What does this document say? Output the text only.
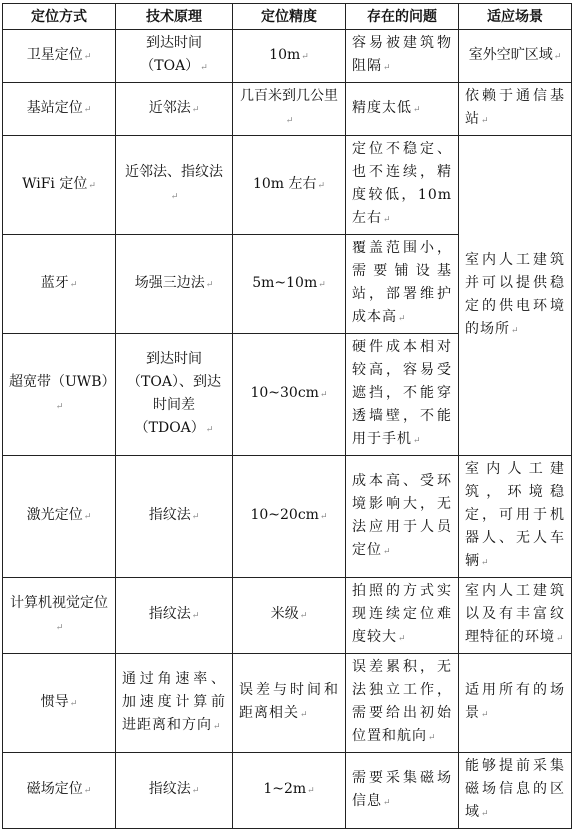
定位方式	技术原理	定位精度	存在的问题	适应场景
卫星定位↵	到达时间（TOA）↵	10m↵	容易被建筑物阻隔↵	室外空旷区域↵
基站定位↵	近邻法↵	几百米到几公里↵	精度太低↵	依赖于通信基站↵
WiFi 定位↵	近邻法、指纹法↵	10m 左右↵	定位不稳定、也不连续，精度较低，10m 左右↵	室内人工建筑并可以提供稳定的供电环境的场所↵
蓝牙↵	场强三边法↵	5m~10m↵	覆盖范围小，需要铺设基站，部署维护成本高↵	
超宽带（UWB）↵	到达时间（TOA）、到达时间差（TDOA）↵	10~30cm↵	硬件成本相对较高，容易受遮挡，不能穿透墙壁，不能用于手机↵	
激光定位↵	指纹法↵	10~20cm↵	成本高、受环境影响大，无法应用于人员定位↵	室内人工建筑，环境稳定，可用于机器人、无人车辆↵
计算机视觉定位↵	指纹法↵	米级↵	拍照的方式实现连续定位难度较大↵	室内人工建筑以及有丰富纹理特征的环境↵
惯导↵	通过角速率、加速度计算前进距离和方向↵	误差与时间和距离相关↵	误差累积，无法独立工作，需要给出初始位置和航向↵	适用所有的场景↵
磁场定位↵	指纹法↵	1~2m↵	需要采集磁场信息↵	能够提前采集磁场信息的区域↵
